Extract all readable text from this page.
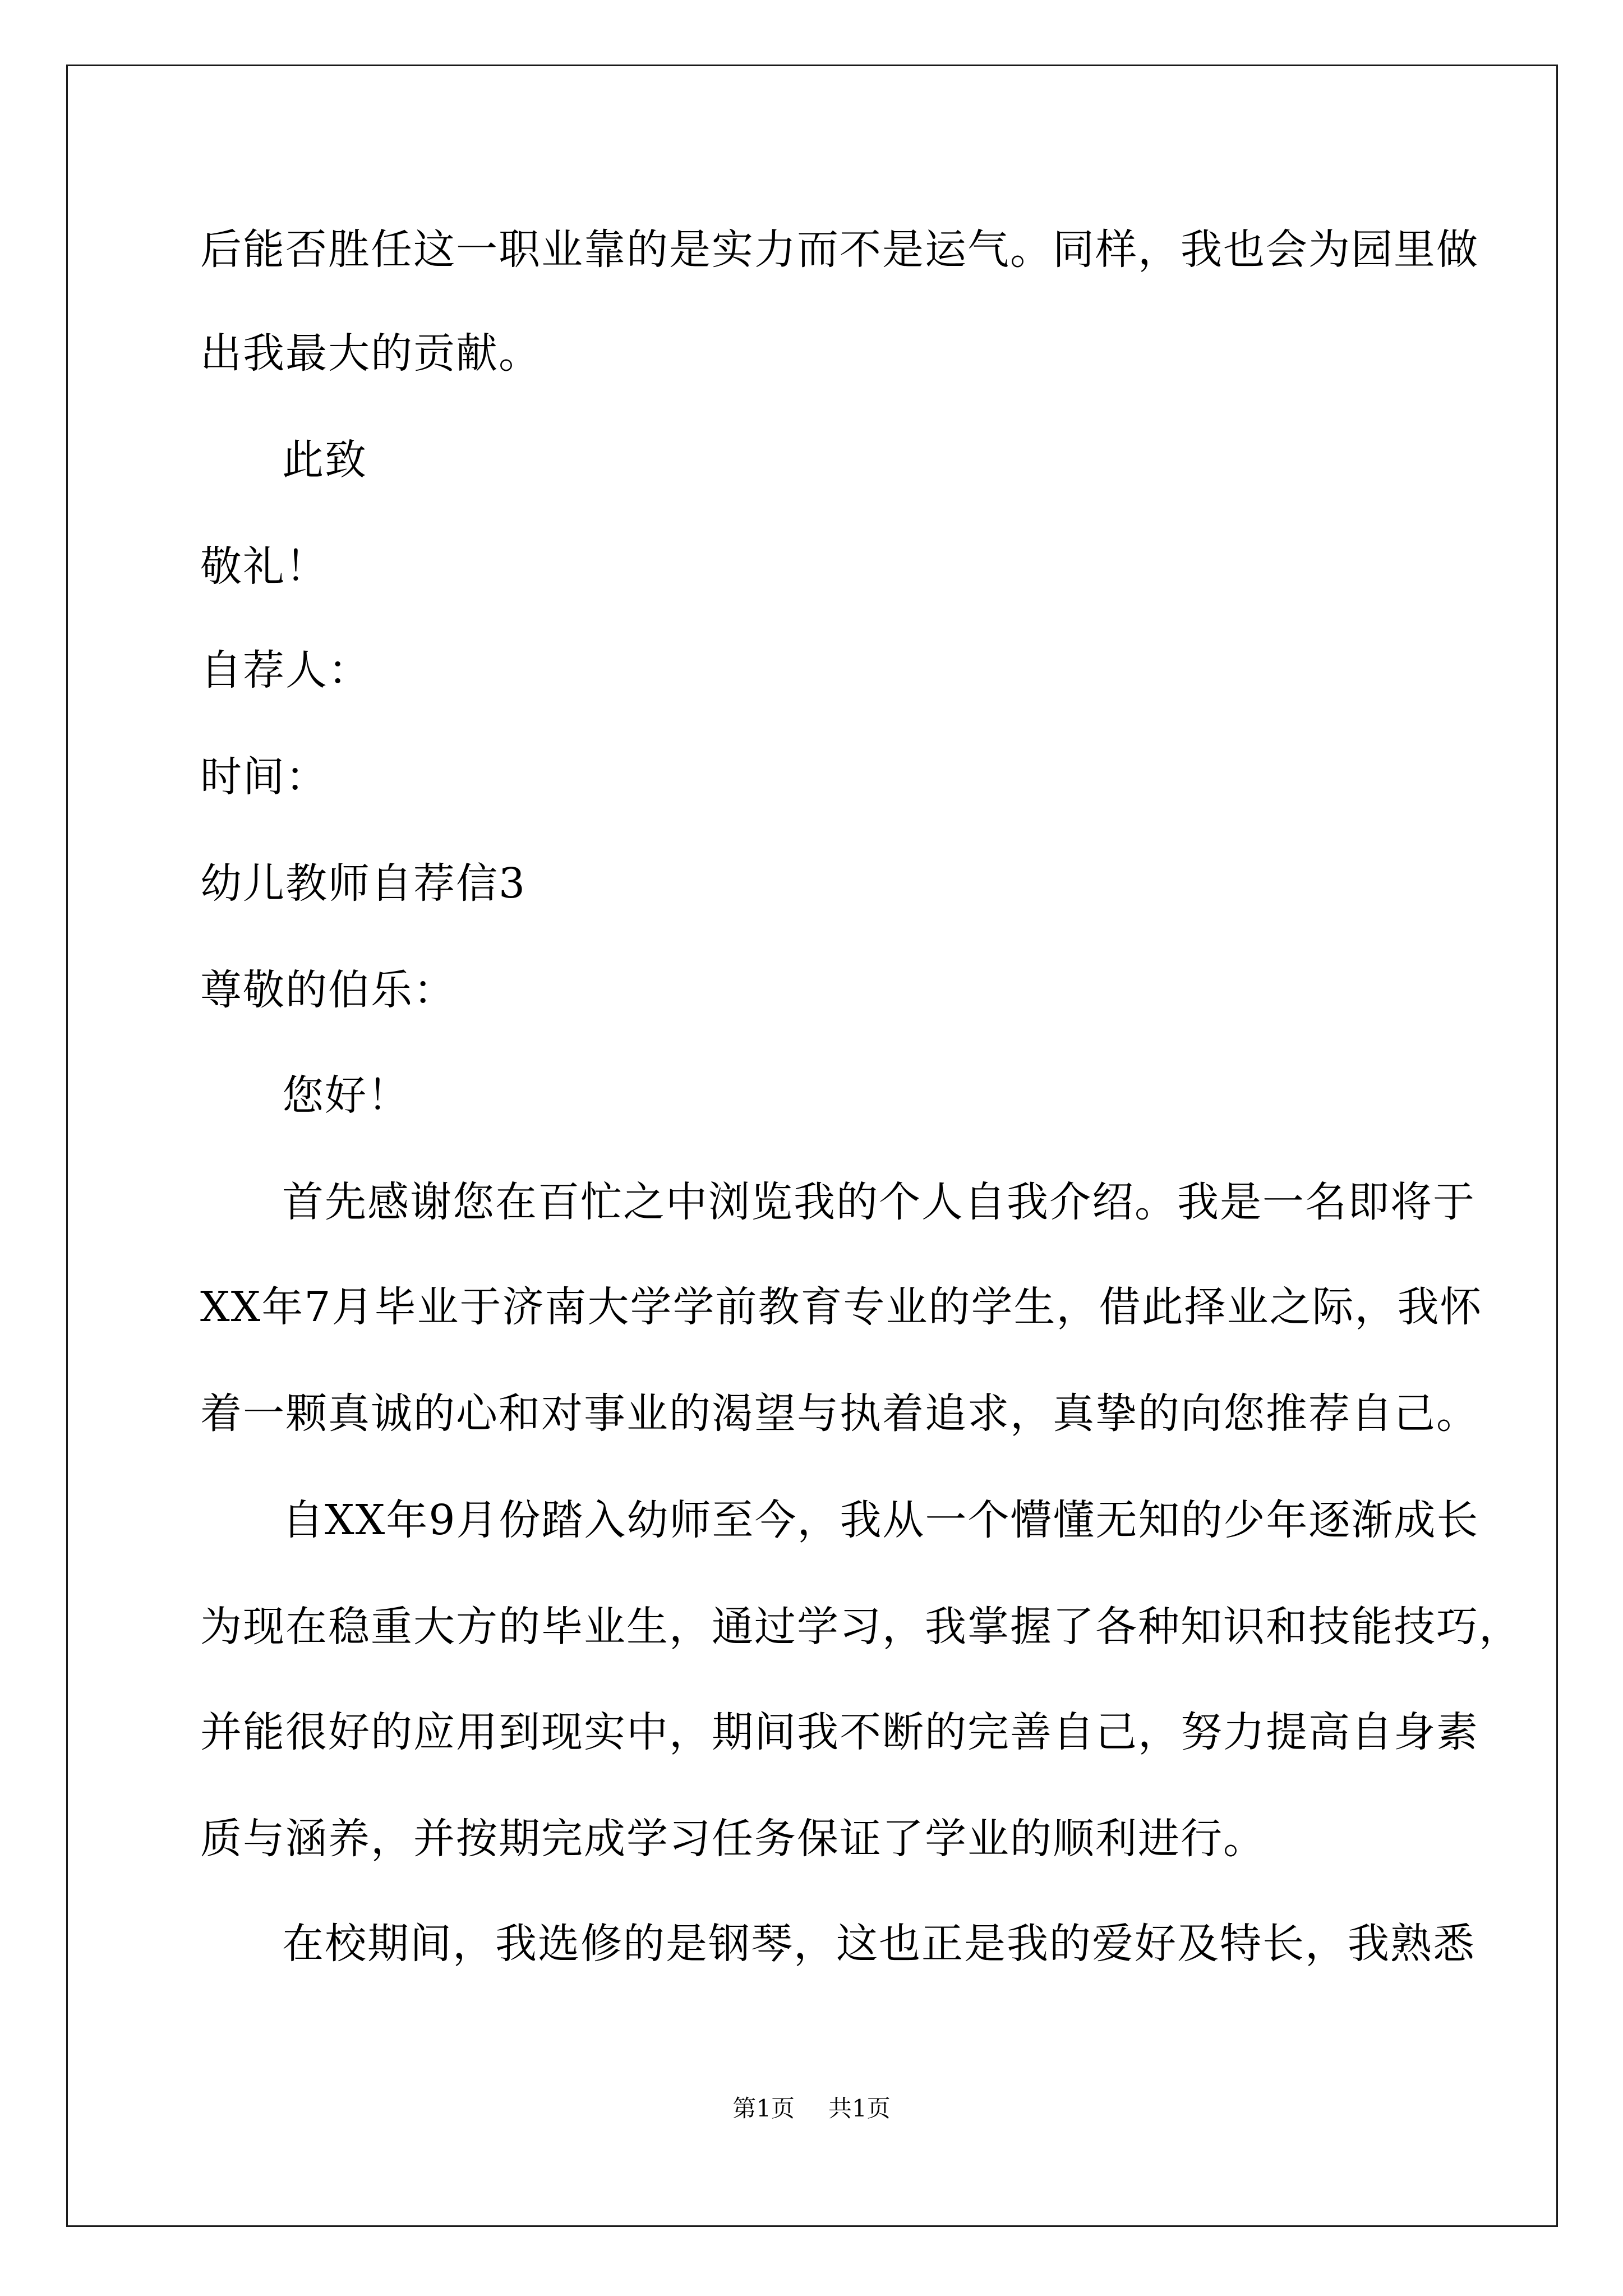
后能否胜任这一职业靠的是实力而不是运气。同样，我也会为园里做
出我最大的贡献。
此致
敬礼！
自荐人：
时间：
幼儿教师自荐信3
尊敬的伯乐：
您好！
首先感谢您在百忙之中浏览我的个人自我介绍。我是一名即将于
XX年7月毕业于济南大学学前教育专业的学生，借此择业之际，我怀
着一颗真诚的心和对事业的渴望与执着追求，真挚的向您推荐自己。
自XX年9月份踏入幼师至今，我从一个懵懂无知的少年逐渐成长
为现在稳重大方的毕业生，通过学习，我掌握了各种知识和技能技巧，
并能很好的应用到现实中，期间我不断的完善自己，努力提高自身素
质与涵养，并按期完成学习任务保证了学业的顺利进行。
在校期间，我选修的是钢琴，这也正是我的爱好及特长，我熟悉
第1页 共1页
